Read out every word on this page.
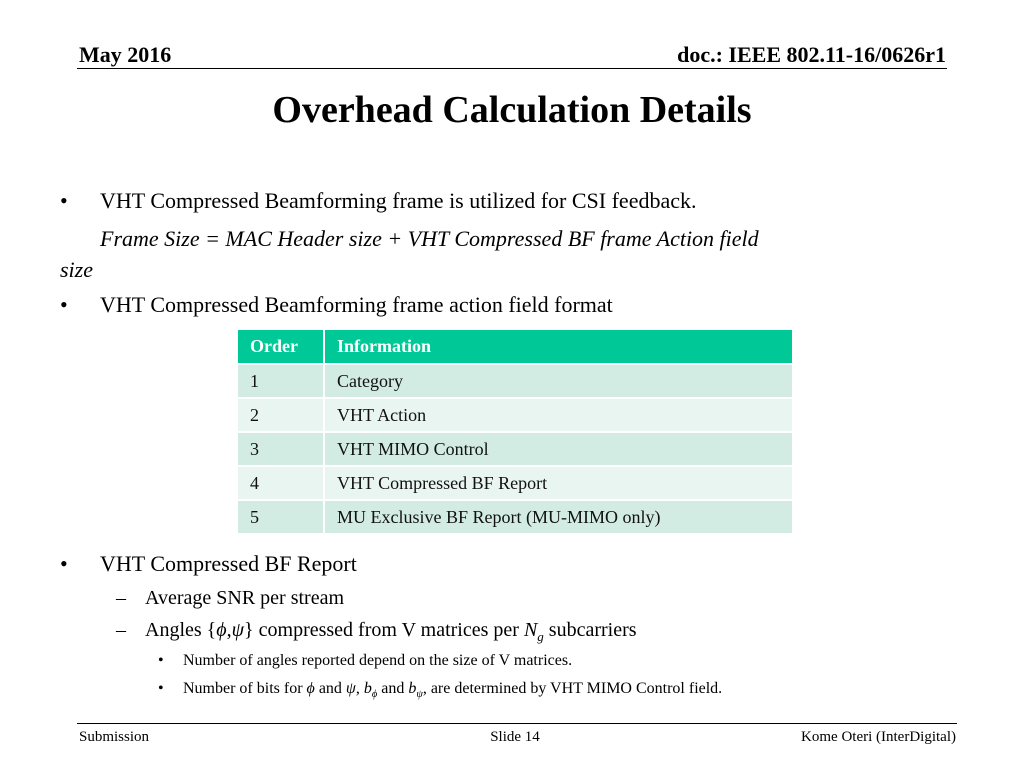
May 2016	doc.: IEEE 802.11-16/0626r1
Overhead Calculation Details
• VHT Compressed Beamforming frame is utilized for CSI feedback.
Frame Size = MAC Header size + VHT Compressed BF frame Action field
size
• VHT Compressed Beamforming frame action field format
Order	Information
1	Category
2	VHT Action
3	VHT MIMO Control
4	VHT Compressed BF Report
5	MU Exclusive BF Report (MU-MIMO only)
• VHT Compressed BF Report
– Average SNR per stream
– Angles {ϕ,ψ} compressed from V matrices per $N_g$ subcarriers
• Number of angles reported depend on the size of V matrices.
• Number of bits for ϕ and ψ, $b_\phi$ and $b_\psi$, are determined by VHT MIMO Control field.
Submission	Slide 14	Kome Oteri (InterDigital)
